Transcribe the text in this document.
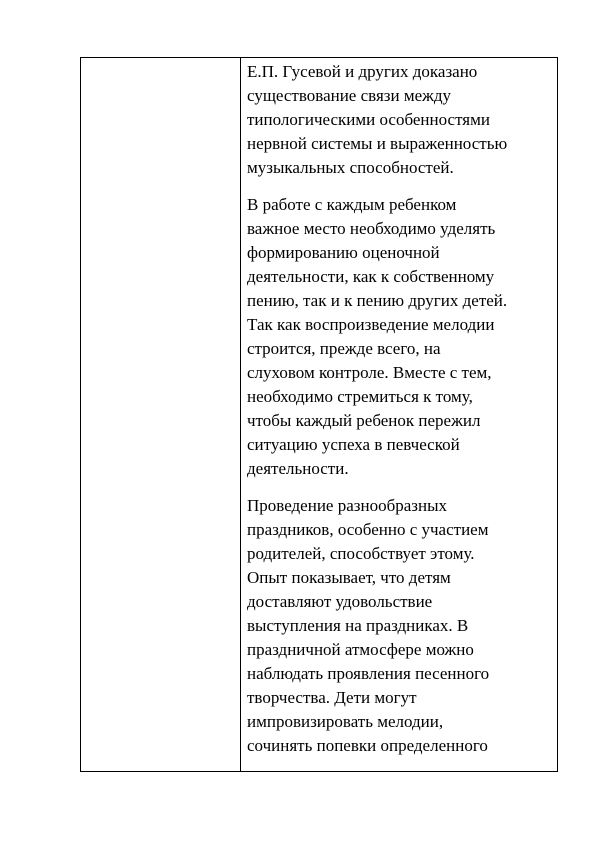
Е.П. Гусевой и других доказано
существование связи между
типологическими особенностями
нервной системы и выраженностью
музыкальных способностей.

В работе с каждым ребенком
важное место необходимо уделять
формированию оценочной
деятельности, как к собственному
пению, так и к пению других детей.
Так как воспроизведение мелодии
строится, прежде всего, на
слуховом контроле. Вместе с тем,
необходимо стремиться к тому,
чтобы каждый ребенок пережил
ситуацию успеха в певческой
деятельности.

Проведение разнообразных
праздников, особенно с участием
родителей, способствует этому.
Опыт показывает, что детям
доставляют удовольствие
выступления на праздниках. В
праздничной атмосфере можно
наблюдать проявления песенного
творчества. Дети могут
импровизировать мелодии,
сочинять попевки определенного
